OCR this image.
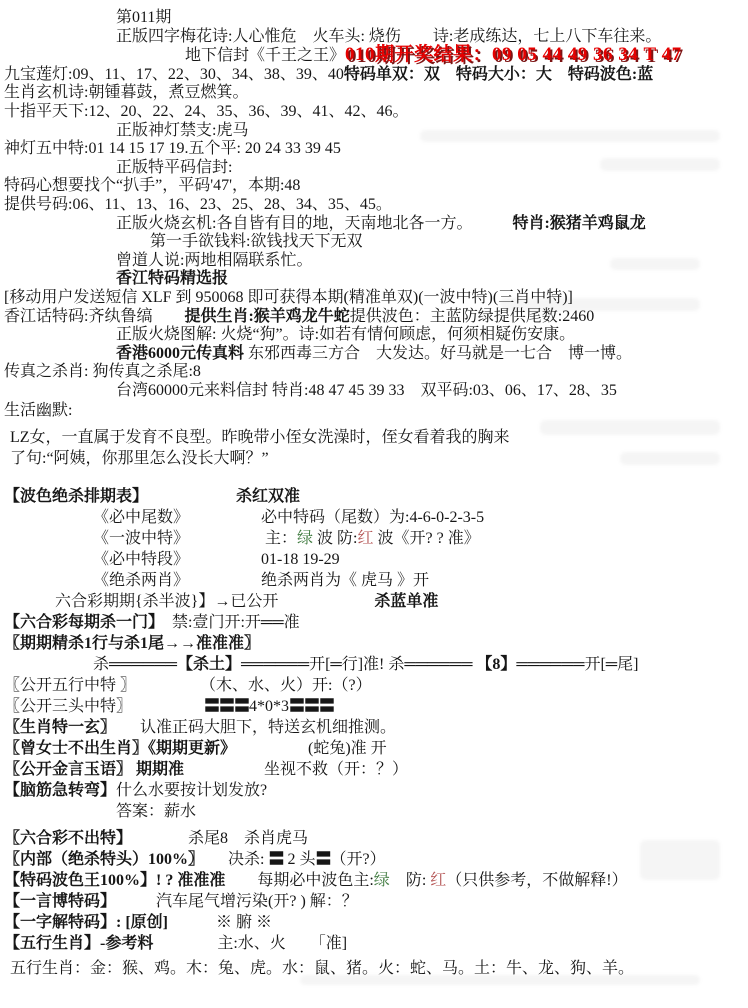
第011期
正版四字梅花诗:人心惟危　火车头: 烧伤　　诗:老成练达，七上八下车往来。
地下信封《千王之王》010期开奖结果：09 05 44 49 36 34 T 47
九宝莲灯:09、11、17、22、30、34、38、39、40特码单双：双　特码大小：大　特码波色:蓝
生肖玄机诗:朝锺暮鼓，煮豆燃箕。
十指平天下:12、20、22、24、35、36、39、41、42、46。
正版神灯禁支:虎马
神灯五中特:01 14 15 17 19.五个平: 20 24 33 39 45
正版特平码信封:
特码心想要找个“扒手”，平码'47'，本期:48
提供号码:06、11、13、16、23、25、28、34、35、45。
正版火烧玄机:各自皆有目的地，天南地北各一方。　　　特肖:猴猪羊鸡鼠龙
第一手欲钱料:欲钱找天下无双
曾道人说:两地相隔联系忙。
香江特码精选报
[移动用户发送短信 XLF 到 950068 即可获得本期(精准单双)(一波中特)(三肖中特)]
香江话特码:齐纨鲁缟　　提供生肖:猴羊鸡龙牛蛇提供波色：主蓝防绿提供尾数:2460
正版火烧图解: 火烧“狗”。诗:如若有情何顾虑，何须相疑伤安康。
香港6000元传真料 东邪西毒三方合　大发达。好马就是一七合　博一博。
传真之杀肖: 狗传真之杀尾:8
台湾60000元来料信封 特肖:48 47 45 39 33　双平码:03、06、17、28、35
生活幽默:
LZ女，一直属于发育不良型。昨晚带小侄女洗澡时，侄女看着我的胸来
了句:“阿姨，你那里怎么没长大啊？”
【波色绝杀排期表】　　　　　　杀红双准
《必中尾数》　　　　　必中特码（尾数）为:4-6-0-2-3-5
《一波中特》　　　　　 主：绿 波 防:红 波《开? ? 准》
《必中特段》　　　　　01-18 19-29
《绝杀两肖》　　　　　绝杀两肖为《 虎马 》开
六合彩期期{杀半波}】→已公开　　　　　　杀蓝单准
【六合彩每期杀一门】　禁:壹门开:开══准
〖期期精杀1行与杀1尾→→准准准〗
杀══════【杀土】══════开[═行]准! 杀══════ 【8】══════开[═尾]
〖公开五行中特 〗　　　　　（木、水、火）开:（?）
〖公开三头中特〗　　　　　	〓〓〓4*0*3〓〓〓
〖生肖特一玄〗　　认准正码大胆下，特送玄机细推测。
〖曾女士不出生肖〗《期期更新》　　　　　(蛇兔)准 开
〖公开金言玉语〗 期期准　　　　　坐视不救（开：？）
【脑筋急转弯】什么水要按计划发放?
答案：薪水
〖六合彩不出特】　　　　杀尾8　杀肖虎马
〖内部（绝杀特头）100%〗　　决杀: 〓 2 头〓（开?）
【特码波色王100%】! ? 准准准　　每期必中波色主:绿　防: 红（只供参考，不做解释!）
【一言博特码】　　　汽车尾气增污染(开? ) 解：？
【一字解特码】: [原创]　　　※ 腑 ※
【五行生肖】-参考料　　　　主:水、火　　「准]
五行生肖：金：猴、鸡。木：兔、虎。水：鼠、猪。火：蛇、马。土：牛、龙、狗、羊。
